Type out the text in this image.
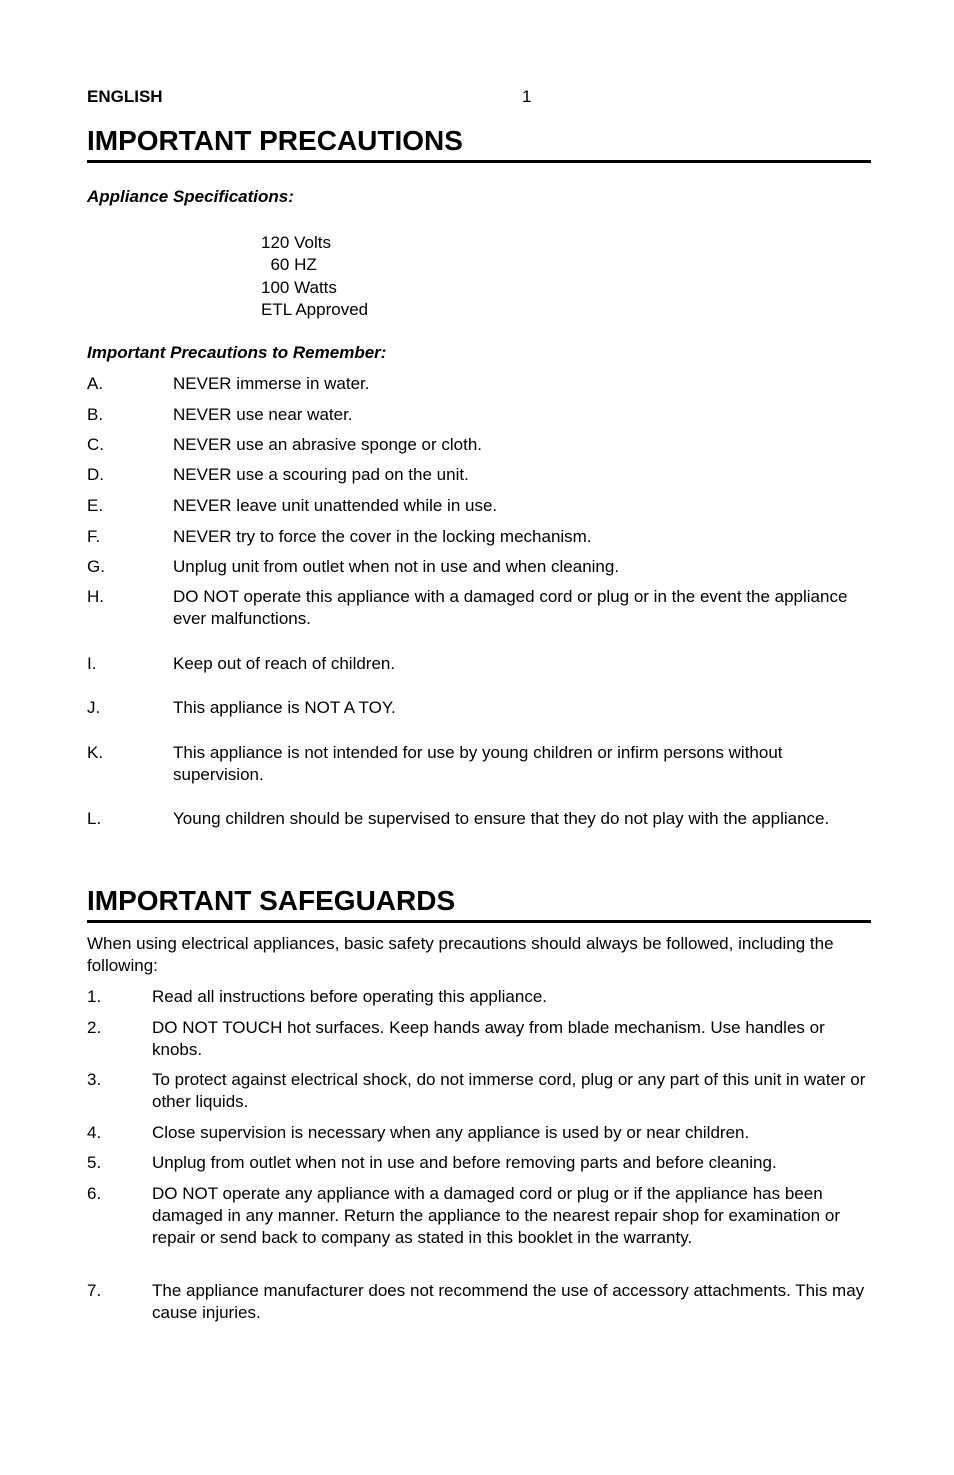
ENGLISH	1
IMPORTANT PRECAUTIONS
Appliance Specifications:
120 Volts
60 HZ
100 Watts
ETL Approved
Important Precautions to Remember:
A.	NEVER immerse in water.
B.	NEVER use near water.
C.	NEVER use an abrasive sponge or cloth.
D.	NEVER use a scouring pad on the unit.
E.	NEVER leave unit unattended while in use.
F.	NEVER try to force the cover in the locking mechanism.
G.	Unplug unit from outlet when not in use and when cleaning.
H.	DO NOT operate this appliance with a damaged cord or plug or in the event the appliance ever malfunctions.
I.	Keep out of reach of children.
J.	This appliance is NOT A TOY.
K.	This appliance is not intended for use by young children or infirm persons without supervision.
L.	Young children should be supervised to ensure that they do not play with the appliance.
IMPORTANT SAFEGUARDS
When using electrical appliances, basic safety precautions should always be followed, including the following:
1.	Read all instructions before operating this appliance.
2.	DO NOT TOUCH hot surfaces. Keep hands away from blade mechanism. Use handles or knobs.
3.	To protect against electrical shock, do not immerse cord, plug or any part of this unit in water or other liquids.
4.	Close supervision is necessary when any appliance is used by or near children.
5.	Unplug from outlet when not in use and before removing parts and before cleaning.
6.	DO NOT operate any appliance with a damaged cord or plug or if the appliance has been damaged in any manner. Return the appliance to the nearest repair shop for examination or repair or send back to company as stated in this booklet in the warranty.
7.	The appliance manufacturer does not recommend the use of accessory attachments. This may cause injuries.
